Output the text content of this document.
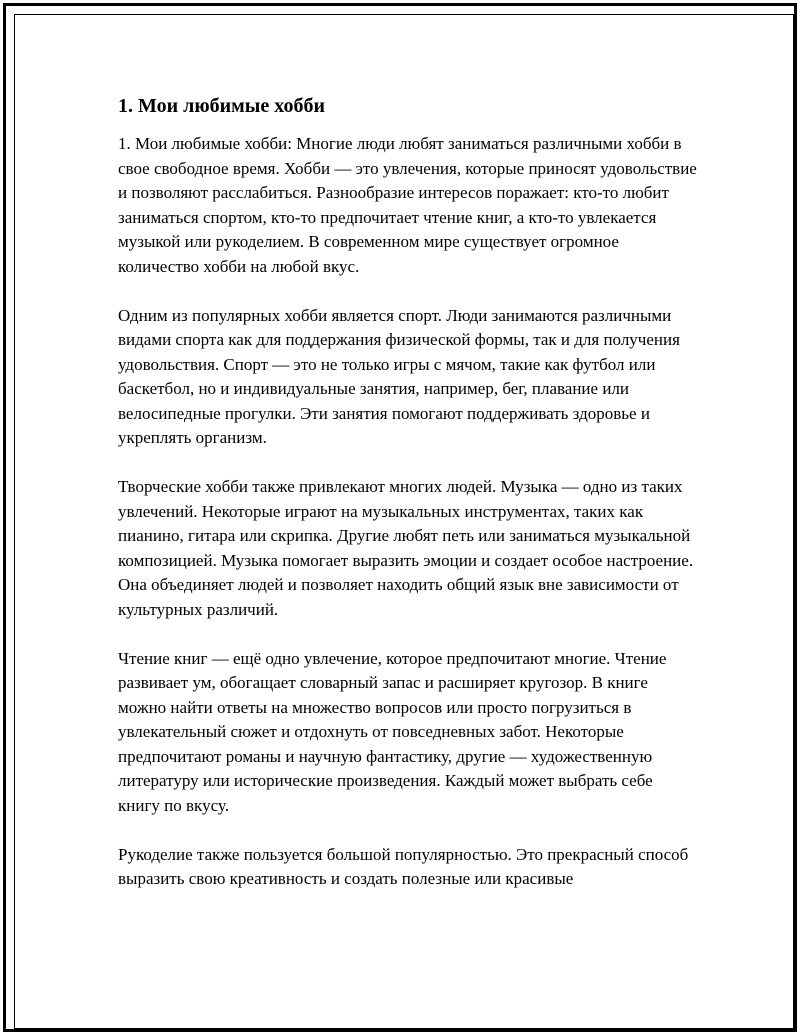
1. Мои любимые хобби

1. Мои любимые хобби: Многие люди любят заниматься различными хобби в свое свободное время. Хобби — это увлечения, которые приносят удовольствие и позволяют расслабиться. Разнообразие интересов поражает: кто-то любит заниматься спортом, кто-то предпочитает чтение книг, а кто-то увлекается музыкой или рукоделием. В современном мире существует огромное количество хобби на любой вкус.

Одним из популярных хобби является спорт. Люди занимаются различными видами спорта как для поддержания физической формы, так и для получения удовольствия. Спорт — это не только игры с мячом, такие как футбол или баскетбол, но и индивидуальные занятия, например, бег, плавание или велосипедные прогулки. Эти занятия помогают поддерживать здоровье и укреплять организм.

Творческие хобби также привлекают многих людей. Музыка — одно из таких увлечений. Некоторые играют на музыкальных инструментах, таких как пианино, гитара или скрипка. Другие любят петь или заниматься музыкальной композицией. Музыка помогает выразить эмоции и создает особое настроение. Она объединяет людей и позволяет находить общий язык вне зависимости от культурных различий.

Чтение книг — ещё одно увлечение, которое предпочитают многие. Чтение развивает ум, обогащает словарный запас и расширяет кругозор. В книге можно найти ответы на множество вопросов или просто погрузиться в увлекательный сюжет и отдохнуть от повседневных забот. Некоторые предпочитают романы и научную фантастику, другие — художественную литературу или исторические произведения. Каждый может выбрать себе книгу по вкусу.

Рукоделие также пользуется большой популярностью. Это прекрасный способ выразить свою креативность и создать полезные или красивые
